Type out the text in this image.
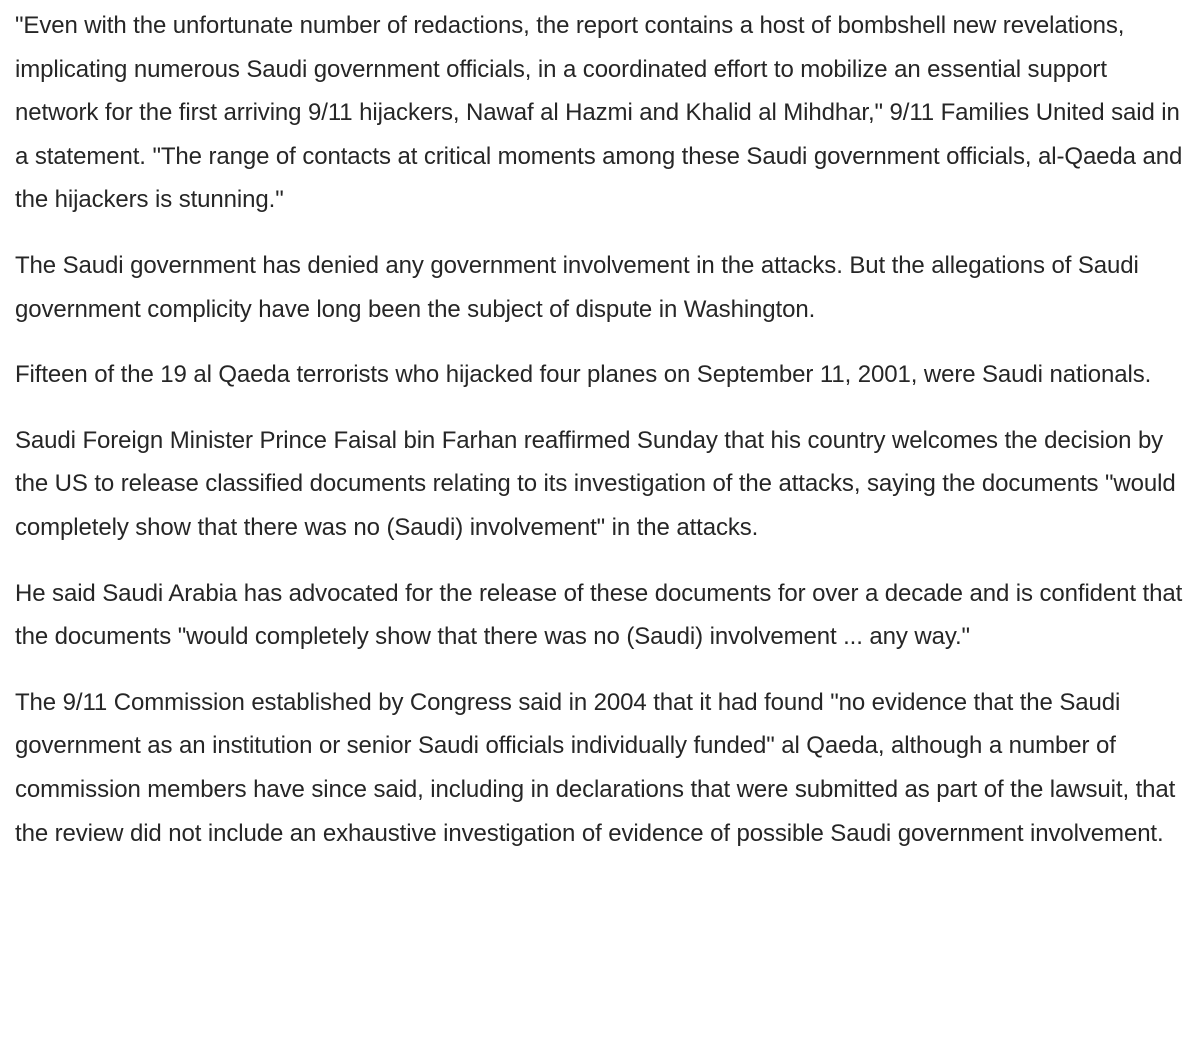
"Even with the unfortunate number of redactions, the report contains a host of bombshell new revelations, implicating numerous Saudi government officials, in a coordinated effort to mobilize an essential support network for the first arriving 9/11 hijackers, Nawaf al Hazmi and Khalid al Mihdhar," 9/11 Families United said in a statement. "The range of contacts at critical moments among these Saudi government officials, al-Qaeda and the hijackers is stunning."

The Saudi government has denied any government involvement in the attacks. But the allegations of Saudi government complicity have long been the subject of dispute in Washington.

Fifteen of the 19 al Qaeda terrorists who hijacked four planes on September 11, 2001, were Saudi nationals.

Saudi Foreign Minister Prince Faisal bin Farhan reaffirmed Sunday that his country welcomes the decision by the US to release classified documents relating to its investigation of the attacks, saying the documents "would completely show that there was no (Saudi) involvement" in the attacks.

He said Saudi Arabia has advocated for the release of these documents for over a decade and is confident that the documents "would completely show that there was no (Saudi) involvement ... any way."

The 9/11 Commission established by Congress said in 2004 that it had found "no evidence that the Saudi government as an institution or senior Saudi officials individually funded" al Qaeda, although a number of commission members have since said, including in declarations that were submitted as part of the lawsuit, that the review did not include an exhaustive investigation of evidence of possible Saudi government involvement.
